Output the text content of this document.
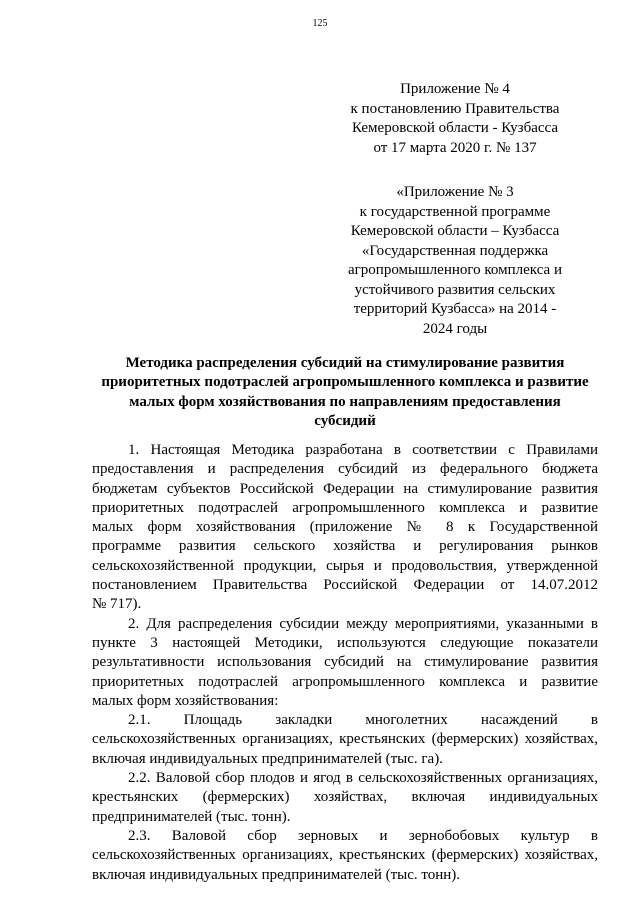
125
Приложение № 4
к постановлению Правительства
Кемеровской области - Кузбасса
от 17 марта 2020 г. № 137
«Приложение № 3
к государственной программе
Кемеровской области – Кузбасса
«Государственная поддержка
агропромышленного комплекса и
устойчивого развития сельских
территорий Кузбасса» на 2014 -
2024 годы
Методика распределения субсидий на стимулирование развития
приоритетных подотраслей агропромышленного комплекса и развитие
малых форм хозяйствования по направлениям предоставления
субсидий
1. Настоящая Методика разработана в соответствии с Правилами
предоставления и распределения субсидий из федерального бюджета
бюджетам субъектов Российской Федерации на стимулирование развития
приоритетных подотраслей агропромышленного комплекса и развитие
малых форм хозяйствования (приложение № 8 к Государственной
программе развития сельского хозяйства и регулирования рынков
сельскохозяйственной продукции, сырья и продовольствия, утвержденной
постановлением Правительства Российской Федерации от 14.07.2012
№ 717).
2. Для распределения субсидии между мероприятиями, указанными в
пункте 3 настоящей Методики, используются следующие показатели
результативности использования субсидий на стимулирование развития
приоритетных подотраслей агропромышленного комплекса и развитие
малых форм хозяйствования:
2.1. Площадь закладки многолетних насаждений в
сельскохозяйственных организациях, крестьянских (фермерских) хозяйствах,
включая индивидуальных предпринимателей (тыс. га).
2.2. Валовой сбор плодов и ягод в сельскохозяйственных организациях,
крестьянских (фермерских) хозяйствах, включая индивидуальных
предпринимателей (тыс. тонн).
2.3. Валовой сбор зерновых и зернобобовых культур в
сельскохозяйственных организациях, крестьянских (фермерских) хозяйствах,
включая индивидуальных предпринимателей (тыс. тонн).
